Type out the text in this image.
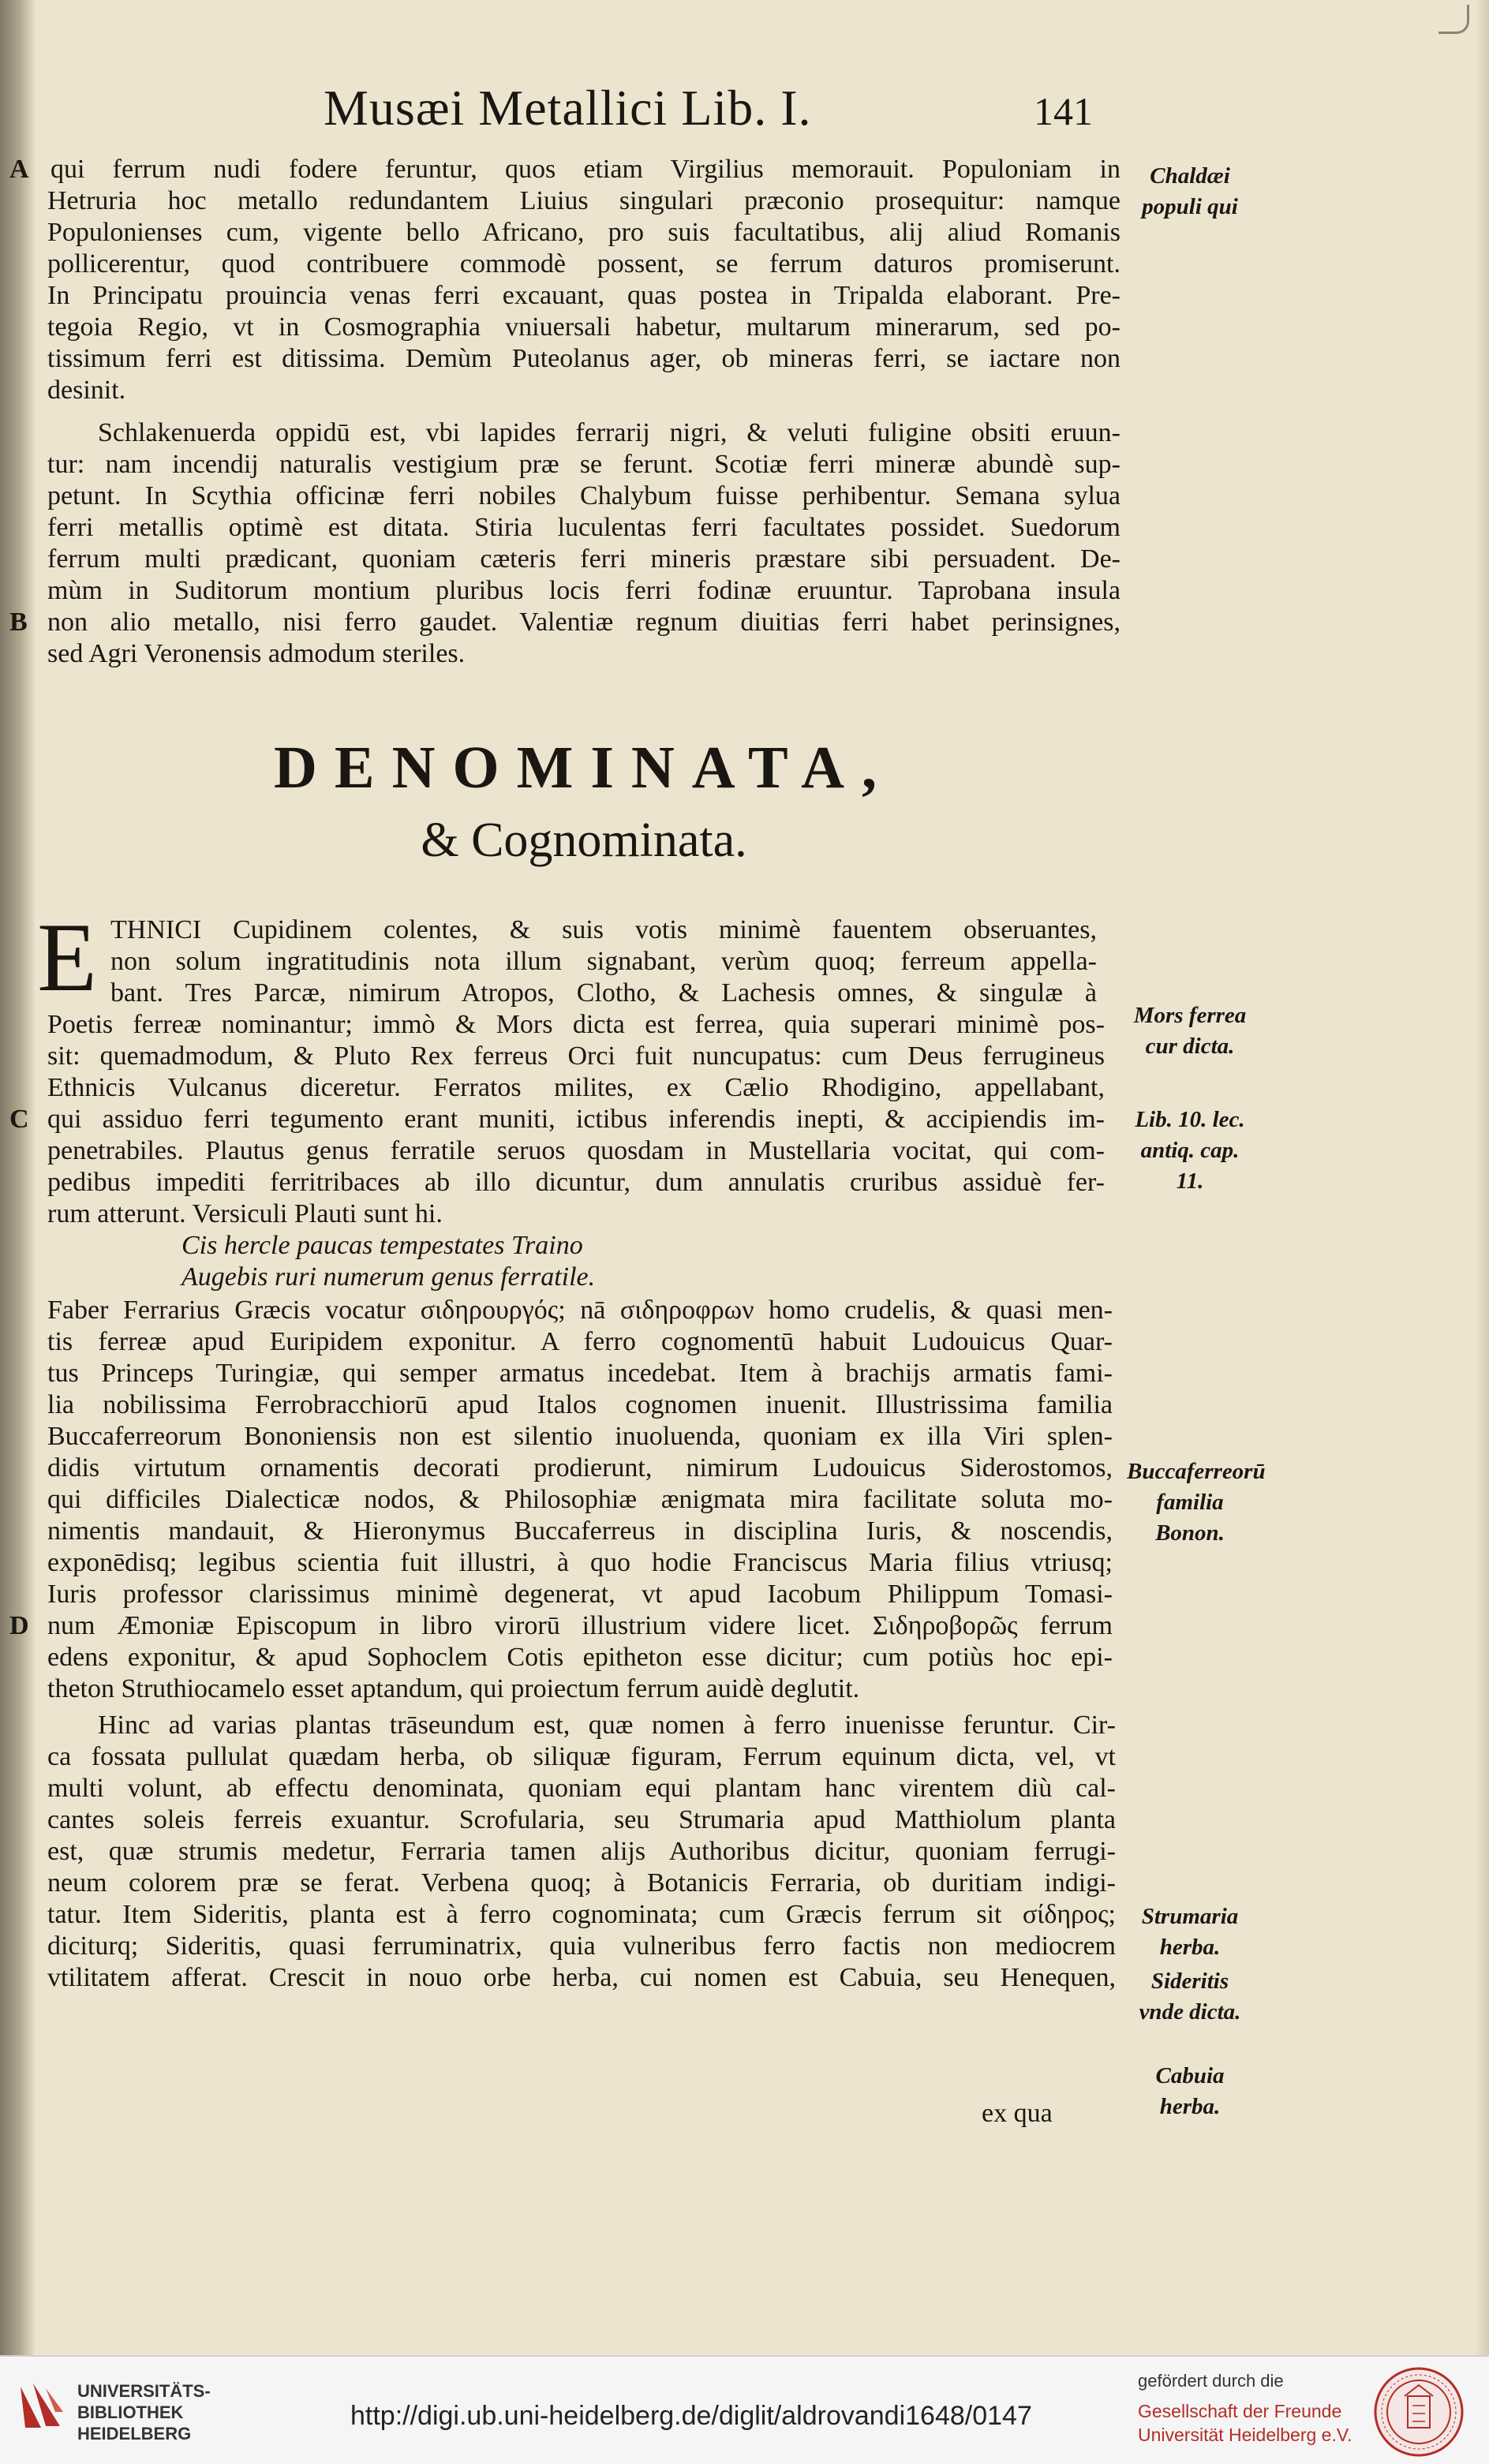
Musæi Metallici Lib. I.	141
qui ferrum nudi fodere feruntur, quos etiam Virgilius memorauit. Populoniam in
Hetruria hoc metallo redundantem Liuius singulari præconio prosequitur: namque
Populonienses cum, vigente bello Africano, pro suis facultatibus, alij aliud Romanis
pollicerentur, quod contribuere commodè possent, se ferrum daturos promiserunt.
In Principatu prouincia venas ferri excauant, quas postea in Tripalda elaborant. Pre-
tegoia Regio, vt in Cosmographia vniuersali habetur, multarum minerarum, sed po-
tissimum ferri est ditissima. Demùm Puteolanus ager, ob mineras ferri, se iactare non
desinit.
Schlakenuerda oppidū est, vbi lapides ferrarij nigri, & veluti fuligine obsiti eruun-
tur: nam incendij naturalis vestigium præ se ferunt. Scotiæ ferri mineræ abundè sup-
petunt. In Scythia officinæ ferri nobiles Chalybum fuisse perhibentur. Semana sylua
ferri metallis optimè est ditata. Stiria luculentas ferri facultates possidet. Suedorum
ferrum multi prædicant, quoniam cæteris ferri mineris præstare sibi persuadent. De-
mùm in Suditorum montium pluribus locis ferri fodinæ eruuntur. Taprobana insula
non alio metallo, nisi ferro gaudet. Valentiæ regnum diuitias ferri habet perinsignes,
sed Agri Veronensis admodum steriles.
DENOMINATA,
& Cognominata.
E THNICI Cupidinem colentes, & suis votis minimè fauentem obseruantes,
non solum ingratitudinis nota illum signabant, verùm quoq; ferreum appella-
bant. Tres Parcæ, nimirum Atropos, Clotho, & Lachesis omnes, & singulæ à
Poetis ferreæ nominantur; immò & Mors dicta est ferrea, quia superari minimè pos-
sit: quemadmodum, & Pluto Rex ferreus Orci fuit nuncupatus: cum Deus ferrugineus
Ethnicis Vulcanus diceretur. Ferratos milites, ex Cælio Rhodigino, appellabant,
qui assiduo ferri tegumento erant muniti, ictibus inferendis inepti, & accipiendis im-
penetrabiles. Plautus genus ferratile seruos quosdam in Mustellaria vocitat, qui com-
pedibus impediti ferritribaces ab illo dicuntur, dum annulatis cruribus assiduè fer-
rum atterunt. Versiculi Plauti sunt hi.
Cis hercle paucas tempestates Traino
Augebis ruri numerum genus ferratile.
Faber Ferrarius Græcis vocatur σιδηρουργός; nā σιδηροφρων homo crudelis, & quasi men-
tis ferreæ apud Euripidem exponitur. A ferro cognomentū habuit Ludouicus Quar-
tus Princeps Turingiæ, qui semper armatus incedebat. Item à brachijs armatis fami-
lia nobilissima Ferrobracchiorū apud Italos cognomen inuenit. Illustrissima familia
Buccaferreorum Bononiensis non est silentio inuoluenda, quoniam ex illa Viri splen-
didis virtutum ornamentis decorati prodierunt, nimirum Ludouicus Siderostomos,
qui difficiles Dialecticæ nodos, & Philosophiæ ænigmata mira facilitate soluta mo-
nimentis mandauit, & Hieronymus Buccaferreus in disciplina Iuris, & noscendis,
exponēdisq; legibus scientia fuit illustri, à quo hodie Franciscus Maria filius vtriusq;
Iuris professor clarissimus minimè degenerat, vt apud Iacobum Philippum Tomasi-
num Æmoniæ Episcopum in libro virorū illustrium videre licet. Σιδηροβορῶς ferrum
edens exponitur, & apud Sophoclem Cotis epitheton esse dicitur; cum potiùs hoc epi-
theton Struthiocamelo esset aptandum, qui proiectum ferrum auidè deglutit.
Hinc ad varias plantas trāseundum est, quæ nomen à ferro inuenisse feruntur. Cir-
ca fossata pullulat quædam herba, ob siliquæ figuram, Ferrum equinum dicta, vel, vt
multi volunt, ab effectu denominata, quoniam equi plantam hanc virentem diù cal-
cantes soleis ferreis exuantur. Scrofularia, seu Strumaria apud Matthiolum planta
est, quæ strumis medetur, Ferraria tamen alijs Authoribus dicitur, quoniam ferrugi-
neum colorem præ se ferat. Verbena quoq; à Botanicis Ferraria, ob duritiam indigi-
tatur. Item Sideritis, planta est à ferro cognominata; cum Græcis ferrum sit σίδηρος;
diciturq; Sideritis, quasi ferruminatrix, quia vulneribus ferro factis non mediocrem
vtilitatem afferat. Crescit in nouo orbe herba, cui nomen est Cabuia, seu Henequen,
ex qua
A
B
C
D
Chaldæi populi qui
Mors ferrea cur dicta.
Lib. 10. lec. antiq. cap. 11.
Buccaferreorū familia Bonon.
Strumaria herba.
Sideritis vnde dicta.
Cabuia herba.
UNIVERSITÄTS-
BIBLIOTHEK
HEIDELBERG
http://digi.ub.uni-heidelberg.de/diglit/aldrovandi1648/0147
gefördert durch die
Gesellschaft der Freunde
Universität Heidelberg e.V.
